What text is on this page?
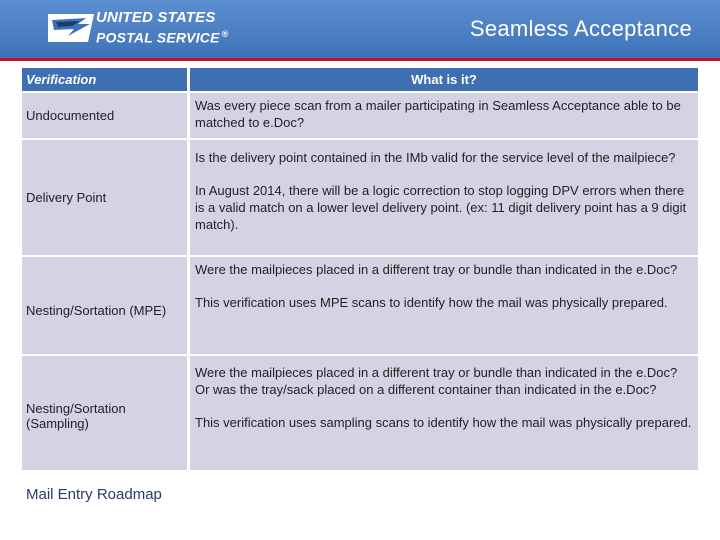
UNITED STATES
POSTAL SERVICE ®	Seamless Acceptance
Verification	What is it?
Undocumented

Was every piece scan from a mailer participating in Seamless Acceptance able to be matched to e.Doc?

Delivery Point

Is the delivery point contained in the IMb valid for the service level of the mailpiece?

In August 2014, there will be a logic correction to stop logging DPV errors when there is a valid match on a lower level delivery point. (ex: 11 digit delivery point has a 9 digit match).

Nesting/Sortation (MPE)

Were the mailpieces placed in a different tray or bundle than indicated in the e.Doc?

This verification uses MPE scans to identify how the mail was physically prepared.

Nesting/Sortation (Sampling)

Were the mailpieces placed in a different tray or bundle than indicated in the e.Doc? Or was the tray/sack placed on a different container than indicated in the e.Doc?

This verification uses sampling scans to identify how the mail was physically prepared.

Mail Entry Roadmap
